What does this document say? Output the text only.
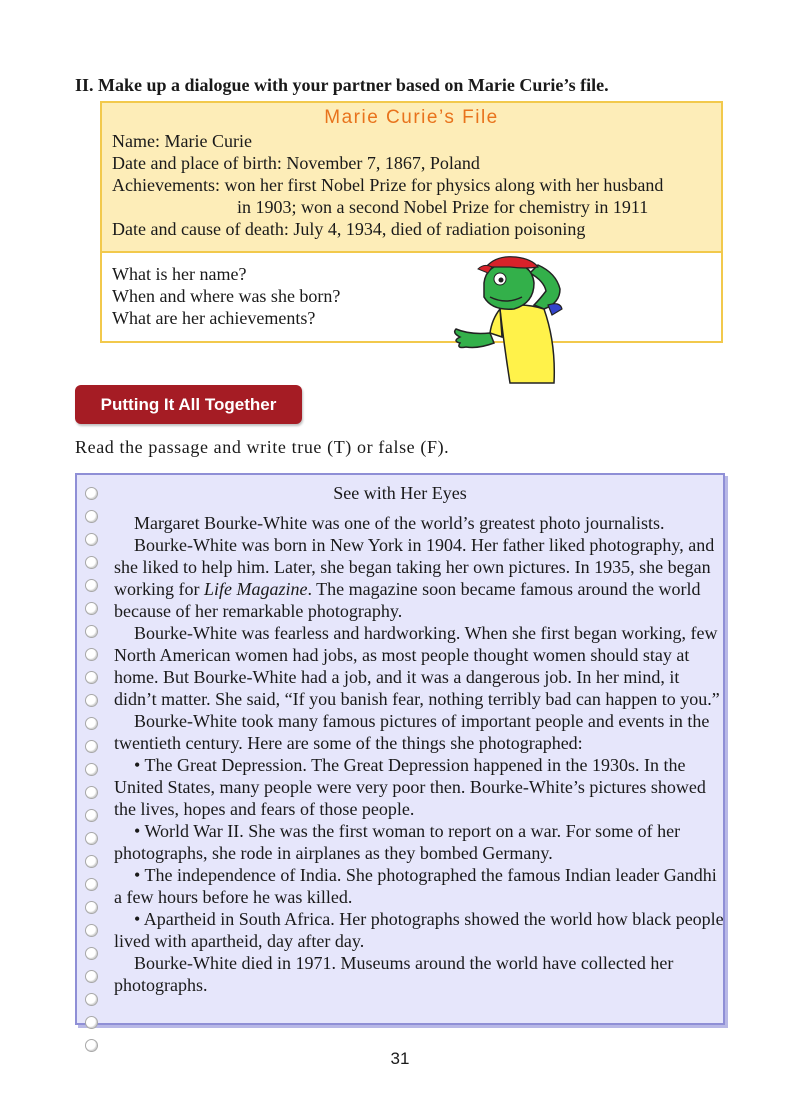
II. Make up a dialogue with your partner based on Marie Curie’s file.
Marie Curie’s File
Name: Marie Curie
Date and place of birth: November 7, 1867, Poland
Achievements: won her first Nobel Prize for physics along with her husband
in 1903; won a second Nobel Prize for chemistry in 1911
Date and cause of death: July 4, 1934, died of radiation poisoning
What is her name?
When and where was she born?
What are her achievements?
Putting It All Together
Read the passage and write true (T) or false (F).
See with Her Eyes

Margaret Bourke-White was one of the world’s greatest photo journalists.

Bourke-White was born in New York in 1904. Her father liked photography, and she liked to help him. Later, she began taking her own pictures. In 1935, she began working for Life Magazine. The magazine soon became famous around the world because of her remarkable photography.

Bourke-White was fearless and hardworking. When she first began working, few North American women had jobs, as most people thought women should stay at home. But Bourke-White had a job, and it was a dangerous job. In her mind, it didn’t matter. She said, “If you banish fear, nothing terribly bad can happen to you.”

Bourke-White took many famous pictures of important people and events in the twentieth century. Here are some of the things she photographed:

• The Great Depression. The Great Depression happened in the 1930s. In the United States, many people were very poor then. Bourke-White’s pictures showed the lives, hopes and fears of those people.

• World War II. She was the first woman to report on a war. For some of her photographs, she rode in airplanes as they bombed Germany.

• The independence of India. She photographed the famous Indian leader Gandhi a few hours before he was killed.

• Apartheid in South Africa. Her photographs showed the world how black people lived with apartheid, day after day.

Bourke-White died in 1971. Museums around the world have collected her photographs.

31
